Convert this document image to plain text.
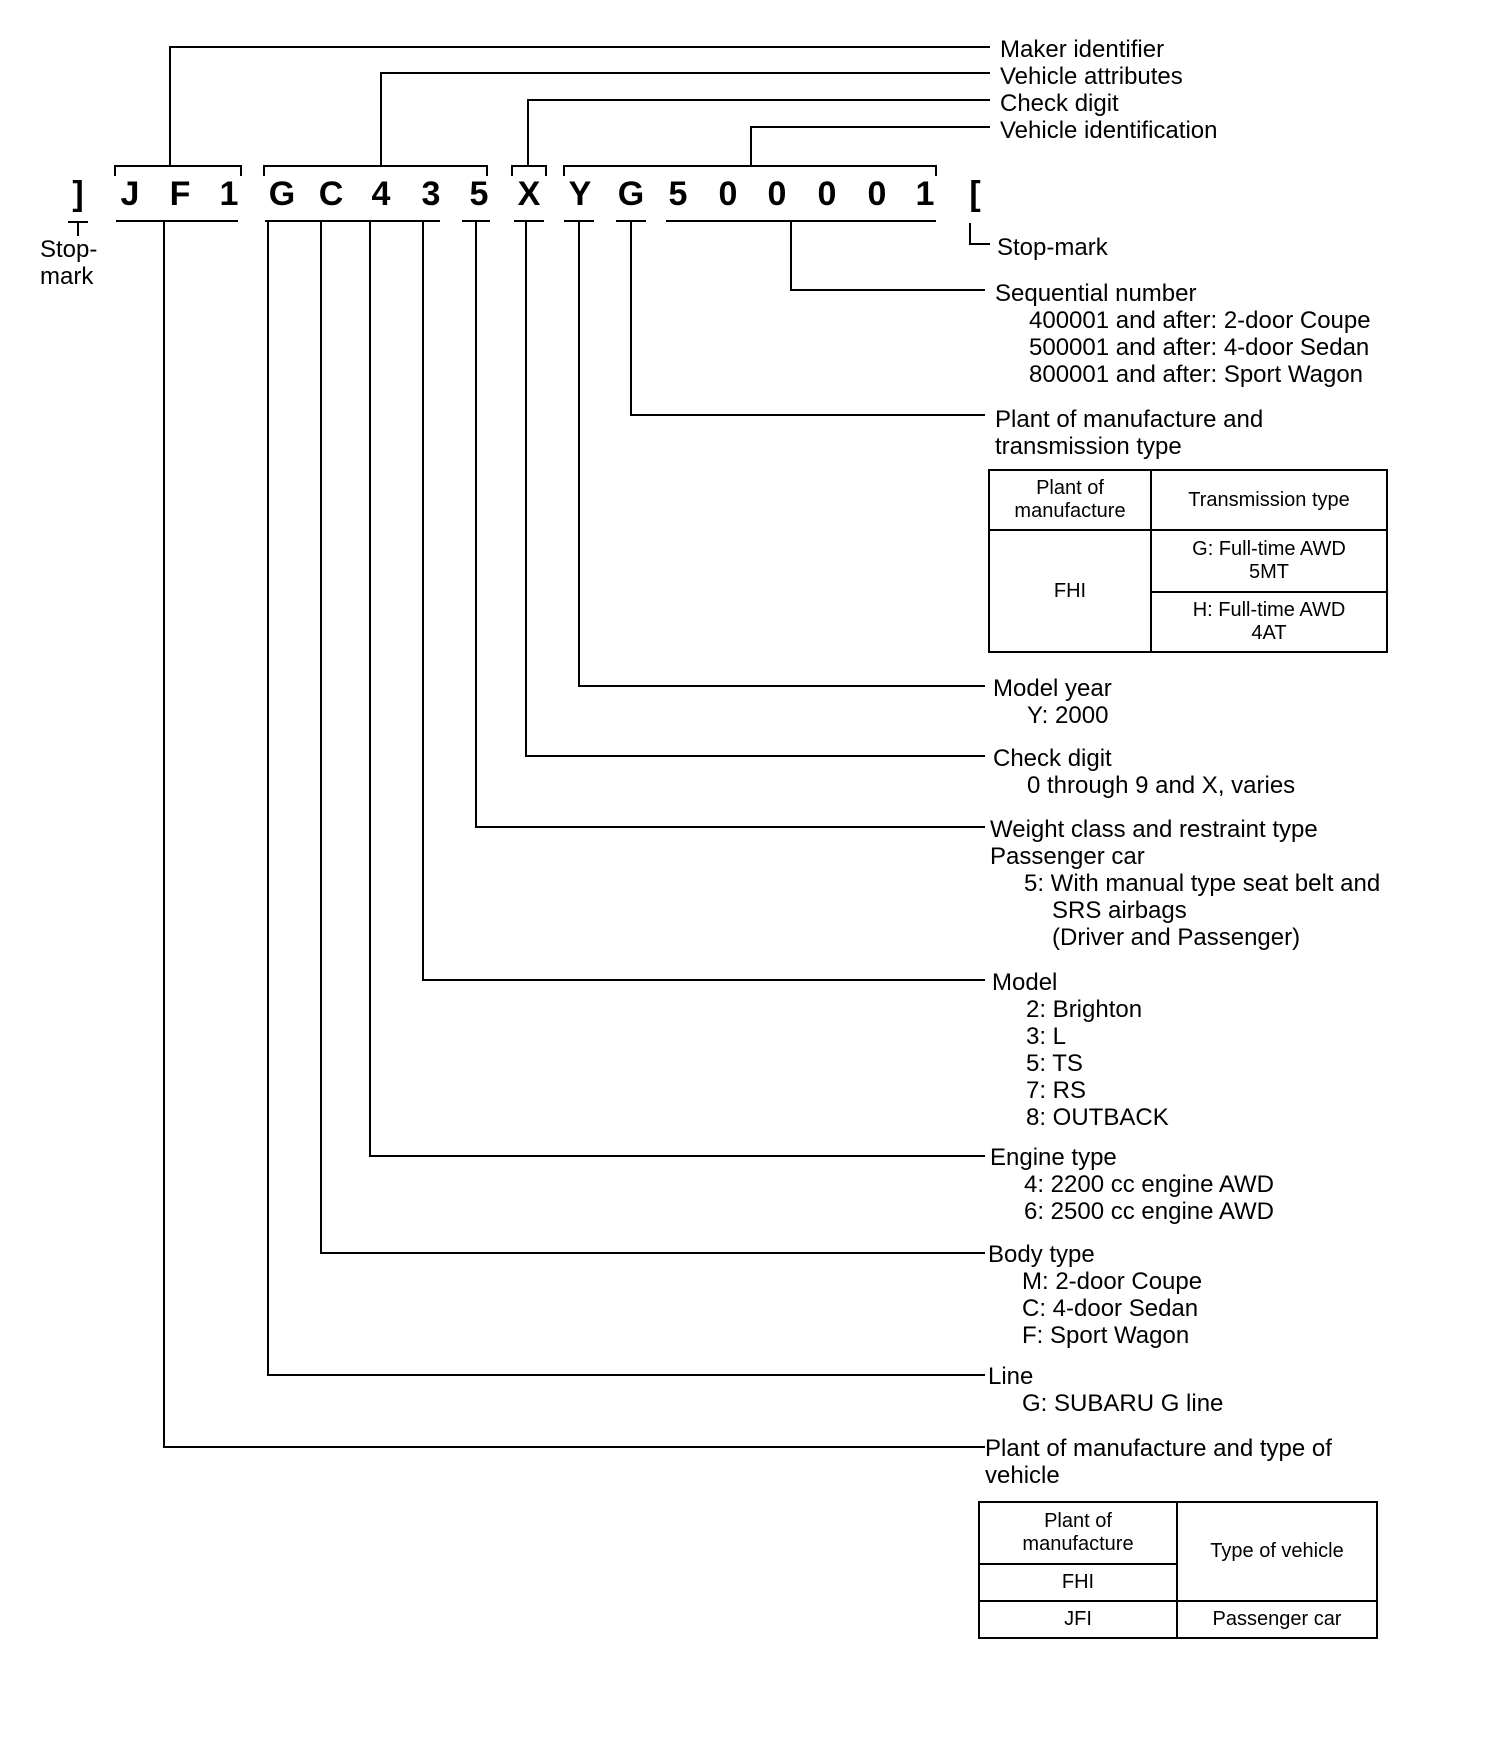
]	J F 1 G C 4 3 5 X Y G 5 0 0 0 0 1	[
Maker identifier
Vehicle attributes
Check digit
Vehicle identification
Stop-
mark
Stop-mark
Sequential number
400001 and after: 2-door Coupe
500001 and after: 4-door Sedan
800001 and after: Sport Wagon
Plant of manufacture and
transmission type
Plant of
manufacture	Transmission type
FHI	G: Full-time AWD
5MT

	H: Full-time AWD
4AT
Model year
Y: 2000
Check digit
0 through 9 and X, varies
Weight class and restraint type
Passenger car
5: With manual type seat belt and
SRS airbags
(Driver and Passenger)
Model
2: Brighton
3: L
5: TS
7: RS
8: OUTBACK
Engine type
4: 2200 cc engine AWD
6: 2500 cc engine AWD
Body type
M: 2-door Coupe
C: 4-door Sedan
F: Sport Wagon
Line
G: SUBARU G line
Plant of manufacture and type of
vehicle
Plant of
manufacture	Type of vehicle
FHI	
JFI	Passenger car
